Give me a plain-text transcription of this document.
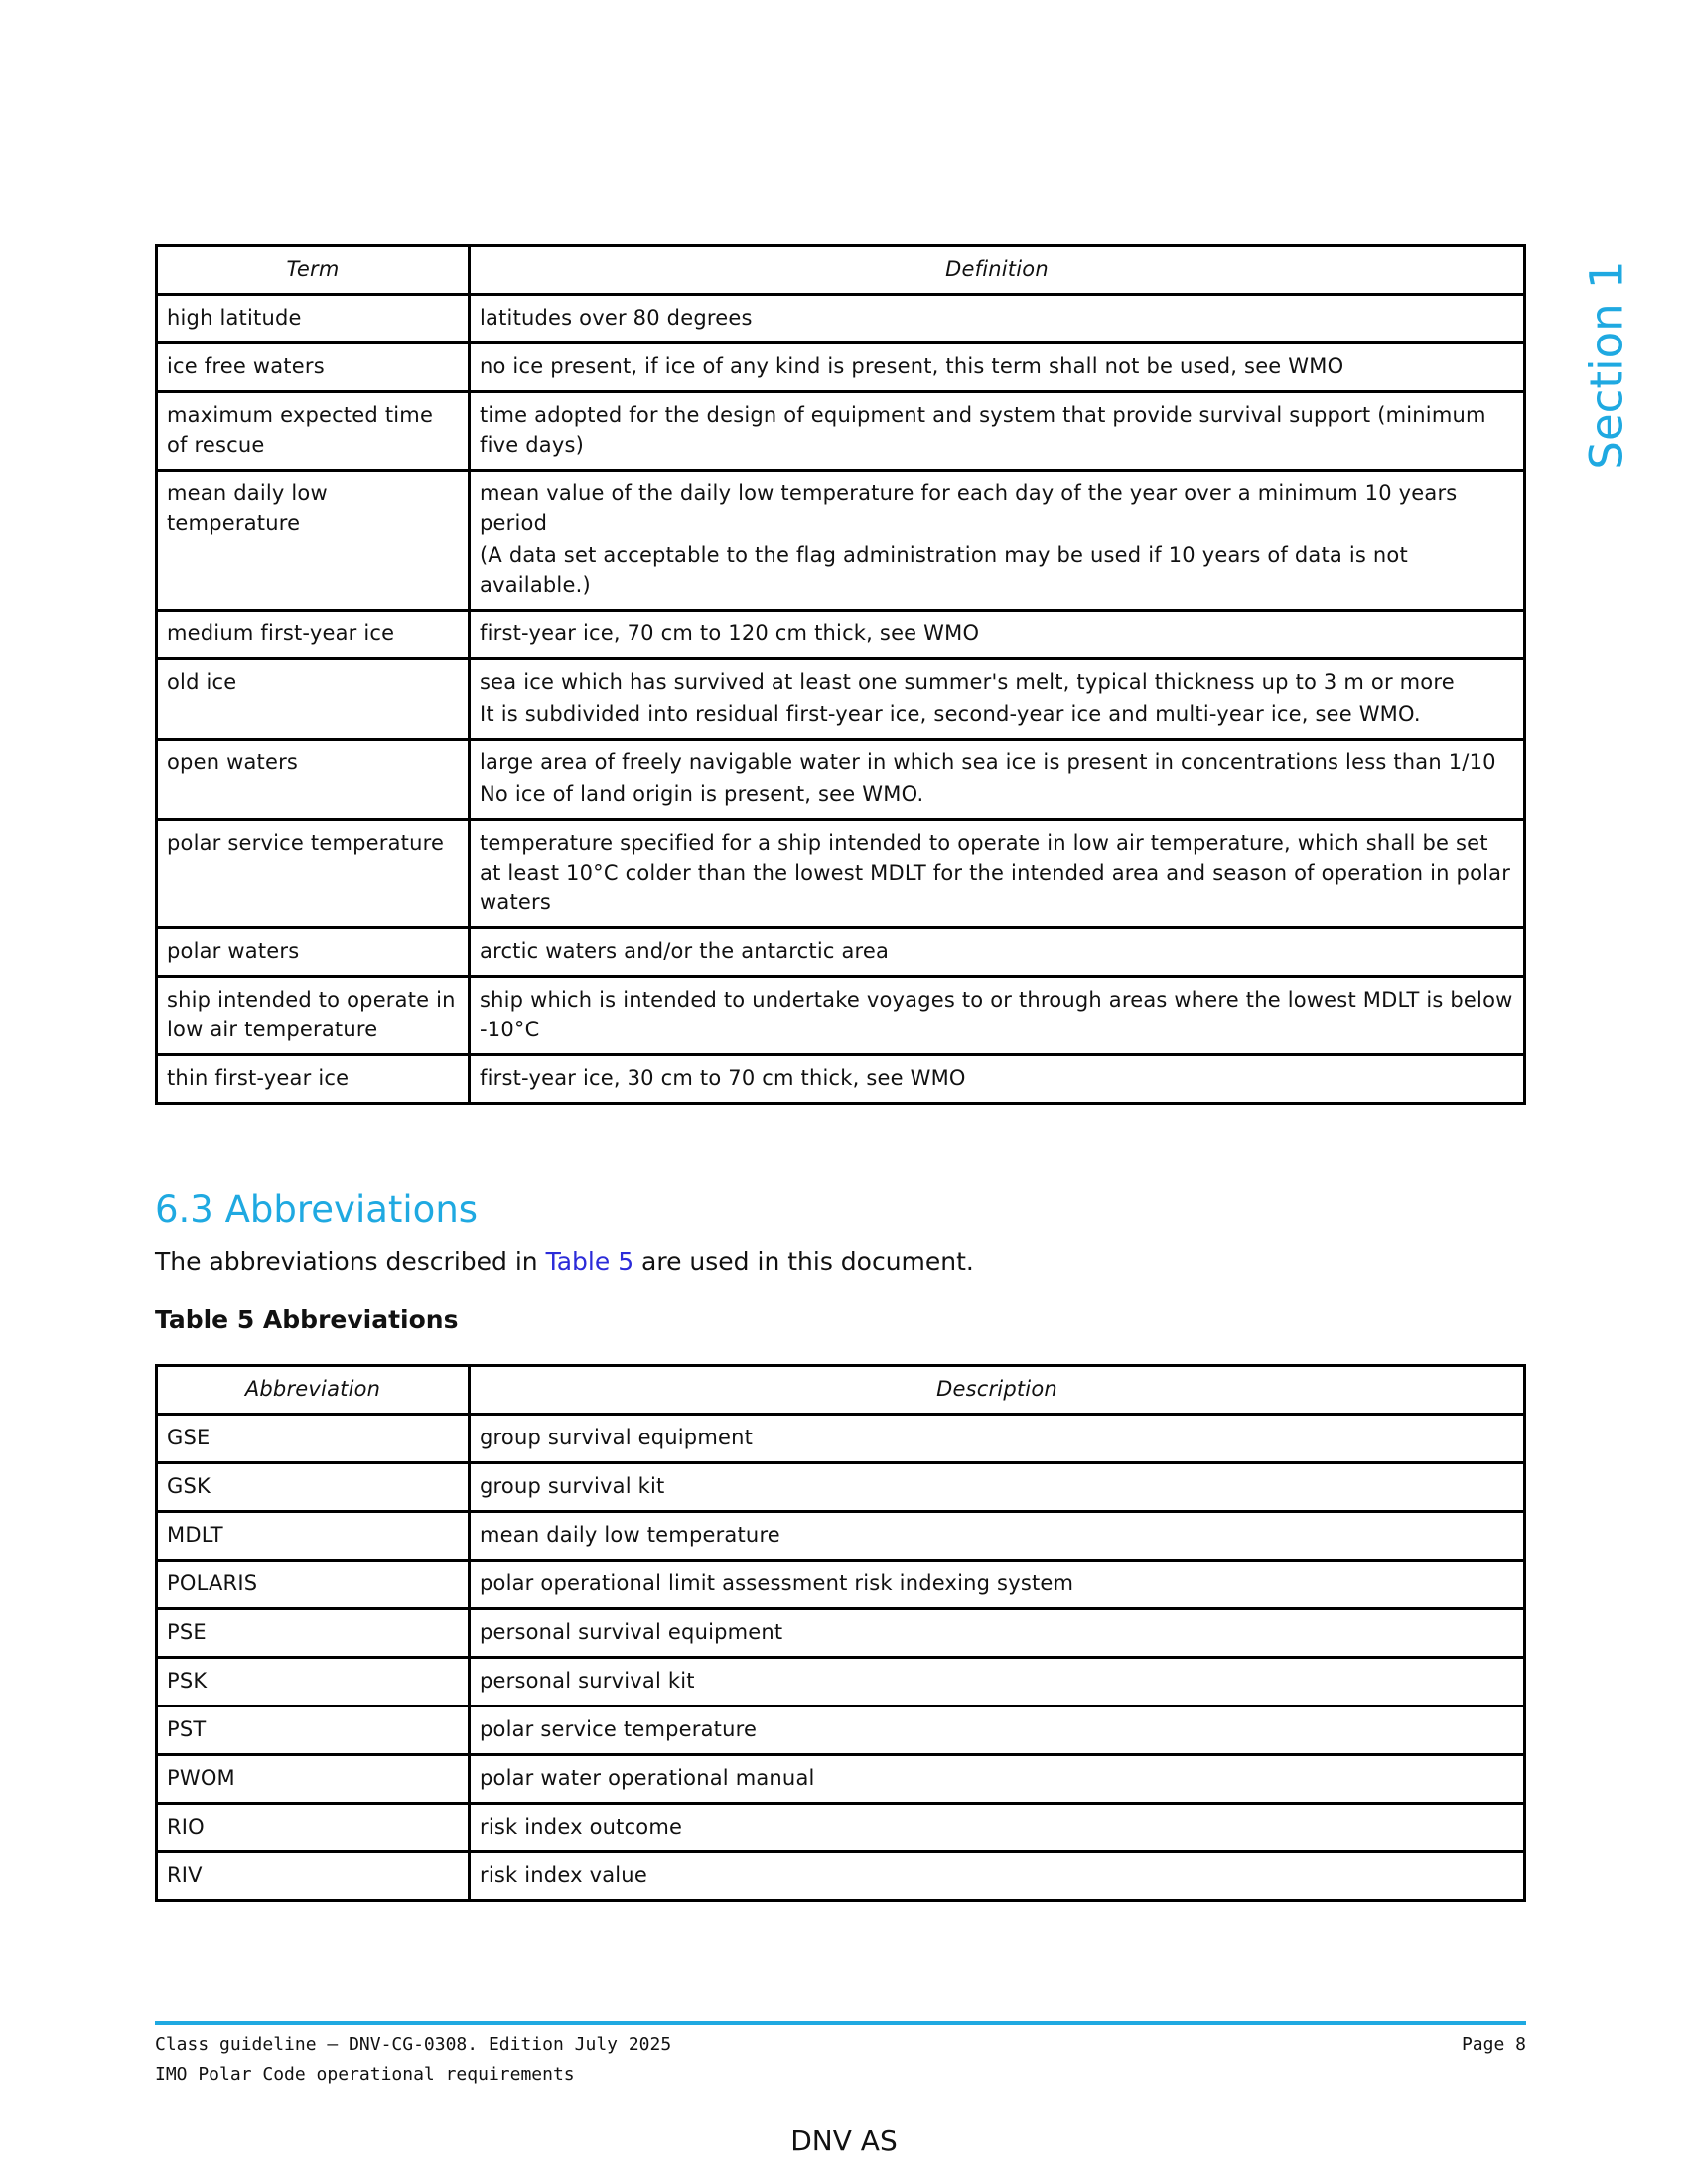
Section 1
Term	Definition
high latitude	latitudes over 80 degrees

ice free waters	no ice present, if ice of any kind is present, this term shall not be used, see WMO

maximum expected time of rescue	time adopted for the design of equipment and system that provide survival support (minimum five days)

mean daily low temperature	mean value of the daily low temperature for each day of the year over a minimum 10 years period
(A data set acceptable to the flag administration may be used if 10 years of data is not available.)

medium first-year ice	first-year ice, 70 cm to 120 cm thick, see WMO

old ice	sea ice which has survived at least one summer's melt, typical thickness up to 3 m or more
It is subdivided into residual first-year ice, second-year ice and multi-year ice, see WMO.

open waters	large area of freely navigable water in which sea ice is present in concentrations less than 1/10
No ice of land origin is present, see WMO.

polar service temperature	temperature specified for a ship intended to operate in low air temperature, which shall be set at least 10°C colder than the lowest MDLT for the intended area and season of operation in polar waters

polar waters	arctic waters and/or the antarctic area

ship intended to operate in low air temperature	ship which is intended to undertake voyages to or through areas where the lowest MDLT is below -10°C

thin first-year ice	first-year ice, 30 cm to 70 cm thick, see WMO
6.3 Abbreviations

The abbreviations described in Table 5 are used in this document.

Table 5 Abbreviations

Abbreviation	Description
GSE	group survival equipment
GSK	group survival kit
MDLT	mean daily low temperature
POLARIS	polar operational limit assessment risk indexing system
PSE	personal survival equipment
PSK	personal survival kit
PST	polar service temperature
PWOM	polar water operational manual
RIO	risk index outcome
RIV	risk index value
Class guideline — DNV-CG-0308. Edition July 2025
IMO Polar Code operational requirements
Page 8
DNV AS
